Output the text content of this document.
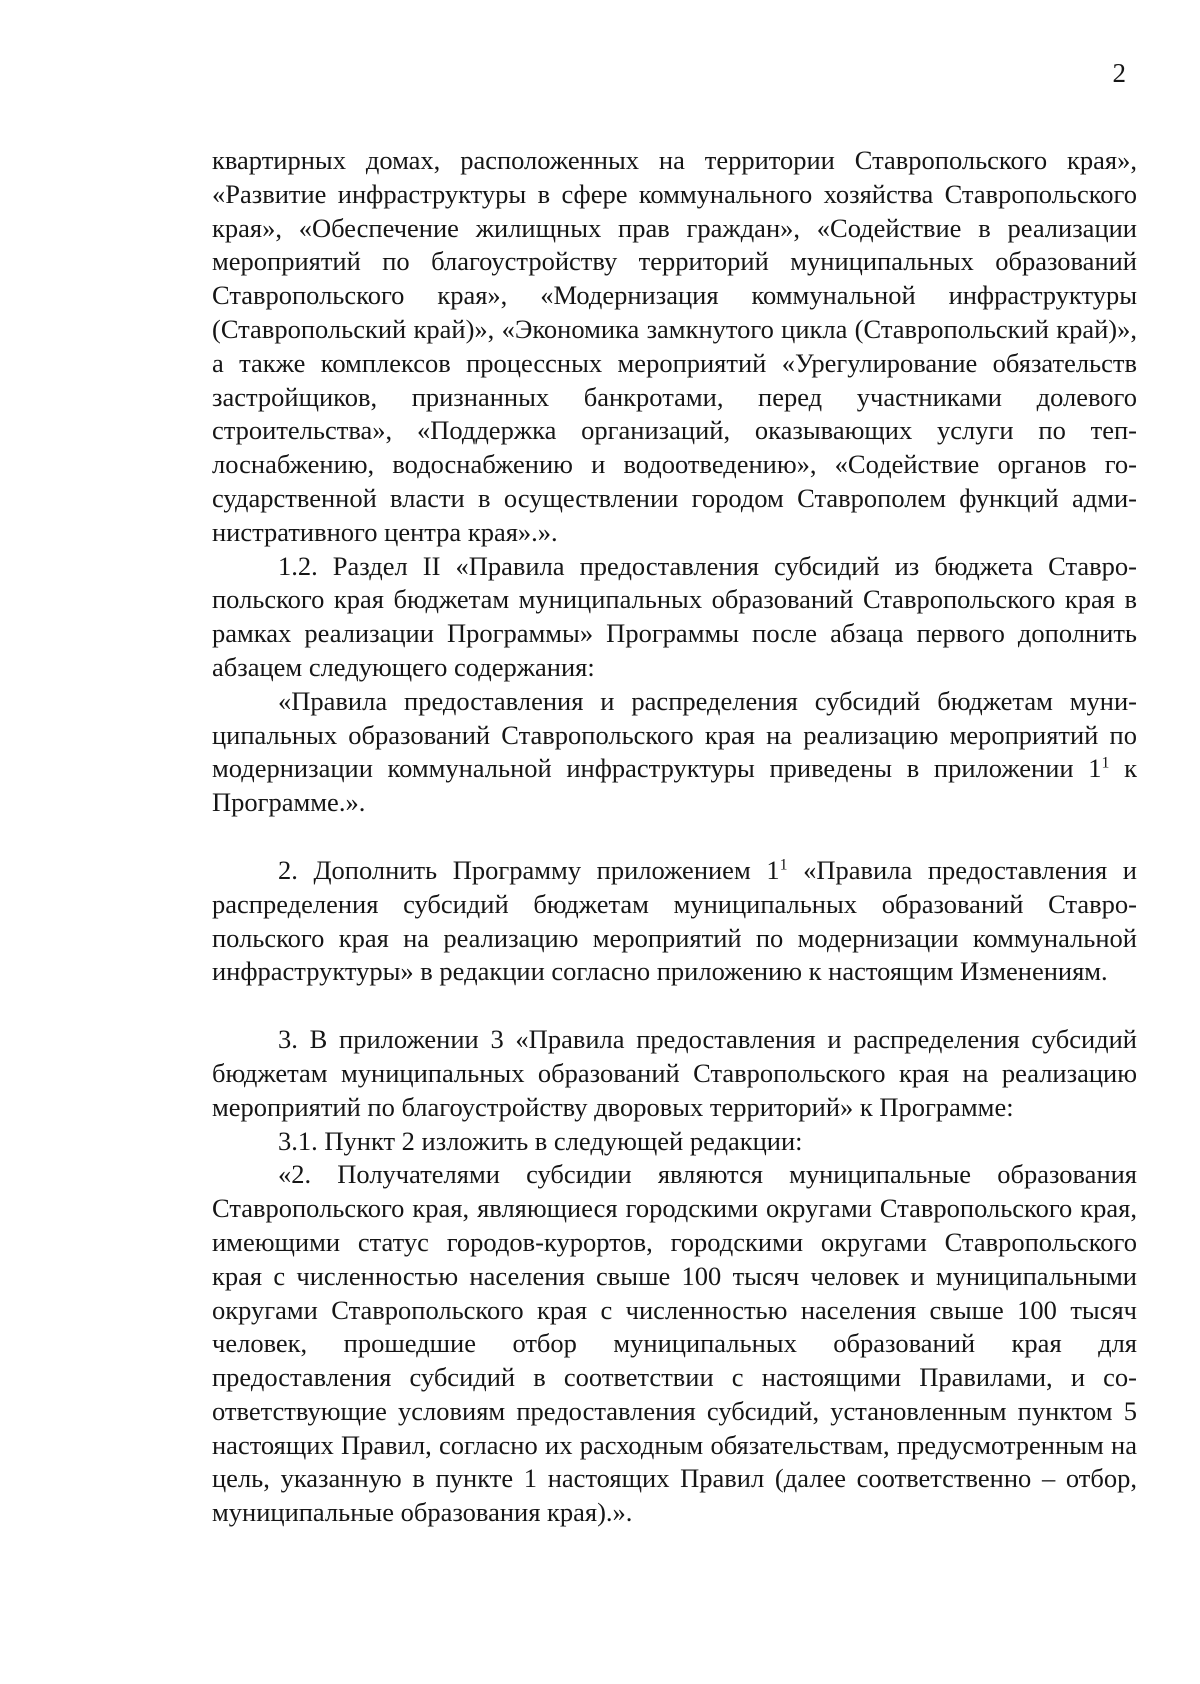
2

квартирных домах, расположенных на территории Ставропольского края», «Развитие инфраструктуры в сфере коммунального хозяйства Ставропольского края», «Обеспечение жилищных прав граждан», «Содействие в реализации мероприятий по благоустройству территорий муниципальных образований Ставропольского края», «Модернизация коммунальной инфраструктуры (Ставропольский край)», «Экономика замкнутого цикла (Ставропольский край)», а также комплексов процессных мероприятий «Урегулирование обязательств застройщиков, признанных банкротами, перед участниками долевого строительства», «Поддержка организаций, оказывающих услуги по теплоснабжению, водоснабжению и водоотведению», «Содействие органов государственной власти в осуществлении городом Ставрополем функций административного центра края».».

1.2. Раздел II «Правила предоставления субсидий из бюджета Ставропольского края бюджетам муниципальных образований Ставропольского края в рамках реализации Программы» Программы после абзаца первого дополнить абзацем следующего содержания:

«Правила предоставления и распределения субсидий бюджетам муниципальных образований Ставропольского края на реализацию мероприятий по модернизации коммунальной инфраструктуры приведены в приложении $1^1$ к Программе.».

2. Дополнить Программу приложением $1^1$ «Правила предоставления и распределения субсидий бюджетам муниципальных образований Ставропольского края на реализацию мероприятий по модернизации коммунальной инфраструктуры» в редакции согласно приложению к настоящим Изменениям.

3. В приложении 3 «Правила предоставления и распределения субсидий бюджетам муниципальных образований Ставропольского края на реализацию мероприятий по благоустройству дворовых территорий» к Программе:

3.1. Пункт 2 изложить в следующей редакции:

«2. Получателями субсидии являются муниципальные образования Ставропольского края, являющиеся городскими округами Ставропольского края, имеющими статус городов-курортов, городскими округами Ставропольского края с численностью населения свыше 100 тысяч человек и муниципальными округами Ставропольского края с численностью населения свыше 100 тысяч человек, прошедшие отбор муниципальных образований края для предоставления субсидий в соответствии с настоящими Правилами, и соответствующие условиям предоставления субсидий, установленным пунктом 5 настоящих Правил, согласно их расходным обязательствам, предусмотренным на цель, указанную в пункте 1 настоящих Правил (далее соответственно – отбор, муниципальные образования края).».
